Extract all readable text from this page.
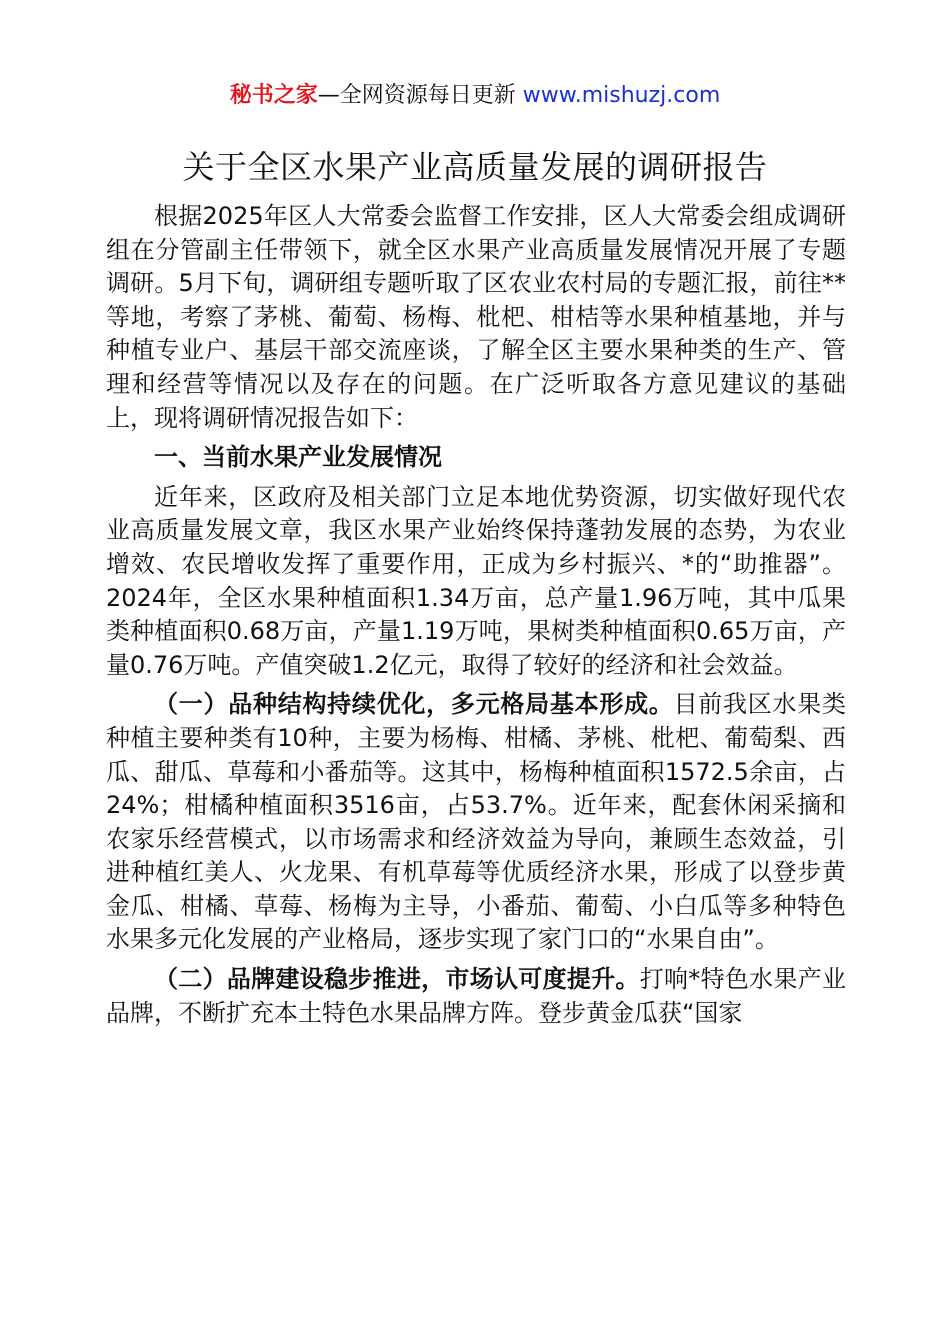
秘书之家—全网资源每日更新 www.mishuzj.com
关于全区水果产业高质量发展的调研报告

根据2025年区人大常委会监督工作安排，区人大常委会组成调研组在分管副主任带领下，就全区水果产业高质量发展情况开展了专题调研。5月下旬，调研组专题听取了区农业农村局的专题汇报，前往**等地，考察了茅桃、葡萄、杨梅、枇杷、柑桔等水果种植基地，并与种植专业户、基层干部交流座谈，了解全区主要水果种类的生产、管理和经营等情况以及存在的问题。在广泛听取各方意见建议的基础上，现将调研情况报告如下：

一、当前水果产业发展情况

近年来，区政府及相关部门立足本地优势资源，切实做好现代农业高质量发展文章，我区水果产业始终保持蓬勃发展的态势，为农业增效、农民增收发挥了重要作用，正成为乡村振兴、*的“助推器”。2024年，全区水果种植面积1.34万亩，总产量1.96万吨，其中瓜果类种植面积0.68万亩，产量1.19万吨，果树类种植面积0.65万亩，产量0.76万吨。产值突破1.2亿元，取得了较好的经济和社会效益。

（一）品种结构持续优化，多元格局基本形成。目前我区水果类种植主要种类有10种，主要为杨梅、柑橘、茅桃、枇杷、葡萄梨、西瓜、甜瓜、草莓和小番茄等。这其中，杨梅种植面积1572.5余亩，占24%；柑橘种植面积3516亩，占53.7%。近年来，配套休闲采摘和农家乐经营模式，以市场需求和经济效益为导向，兼顾生态效益，引进种植红美人、火龙果、有机草莓等优质经济水果，形成了以登步黄金瓜、柑橘、草莓、杨梅为主导，小番茄、葡萄、小白瓜等多种特色水果多元化发展的产业格局，逐步实现了家门口的“水果自由”。

（二）品牌建设稳步推进，市场认可度提升。打响*特色水果产业品牌，不断扩充本土特色水果品牌方阵。登步黄金瓜获“国家
